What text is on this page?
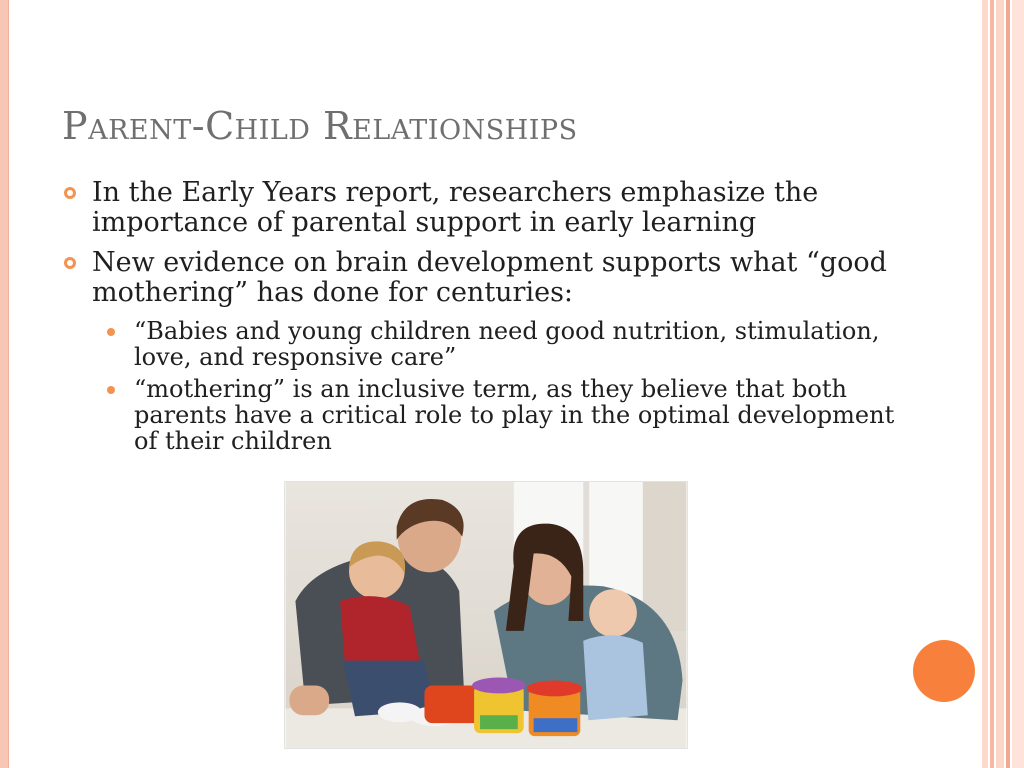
Parent-Child Relationships
In the Early Years report, researchers emphasize the importance of parental support in early learning
New evidence on brain development supports what “good mothering” has done for centuries:
“Babies and young children need good nutrition, stimulation, love, and responsive care”
“mothering” is an inclusive term, as they believe that both parents have a critical role to play in the optimal development of their children
